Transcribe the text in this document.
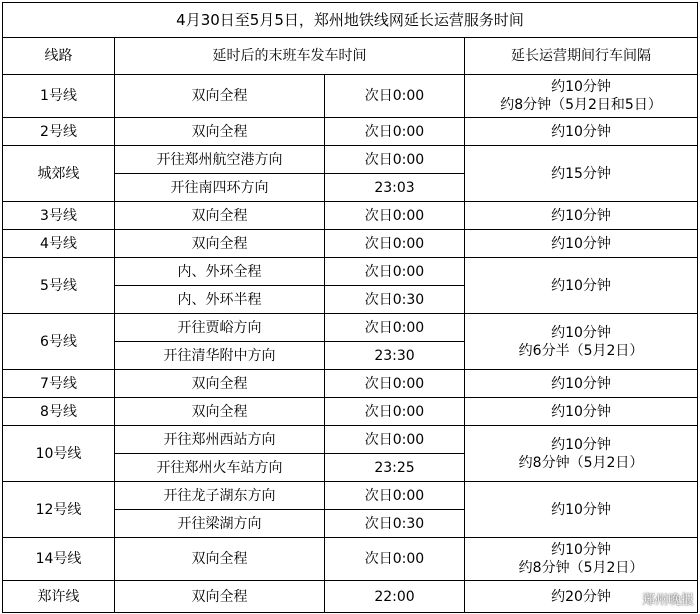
4月30日至5月5日，郑州地铁线网延长运营服务时间			
线路	延时后的末班车发车时间		延长运营期间行车间隔
1号线	双向全程	次日0:00	约10分钟
约8分钟（5月2日和5日）

2号线	双向全程	次日0:00	约10分钟
城郊线	开往郑州航空港方向	次日0:00	约15分钟
	开往南四环方向	23:03	
3号线	双向全程	次日0:00	约10分钟
4号线	双向全程	次日0:00	约10分钟
5号线	内、外环全程	次日0:00	约10分钟
	内、外环半程	次日0:30	
6号线	开往贾峪方向	次日0:00	约10分钟
约6分半（5月2日）

	开往清华附中方向	23:30	
7号线	双向全程	次日0:00	约10分钟
8号线	双向全程	次日0:00	约10分钟
10号线	开往郑州西站方向	次日0:00	约10分钟
约8分钟（5月2日）

	开往郑州火车站方向	23:25	
12号线	开往龙子湖东方向	次日0:00	约10分钟
	开往梁湖方向	次日0:30	
14号线	双向全程	次日0:00	约10分钟
约8分钟（5月2日）

郑许线	双向全程	22:00	约20分钟 郑州晚报
